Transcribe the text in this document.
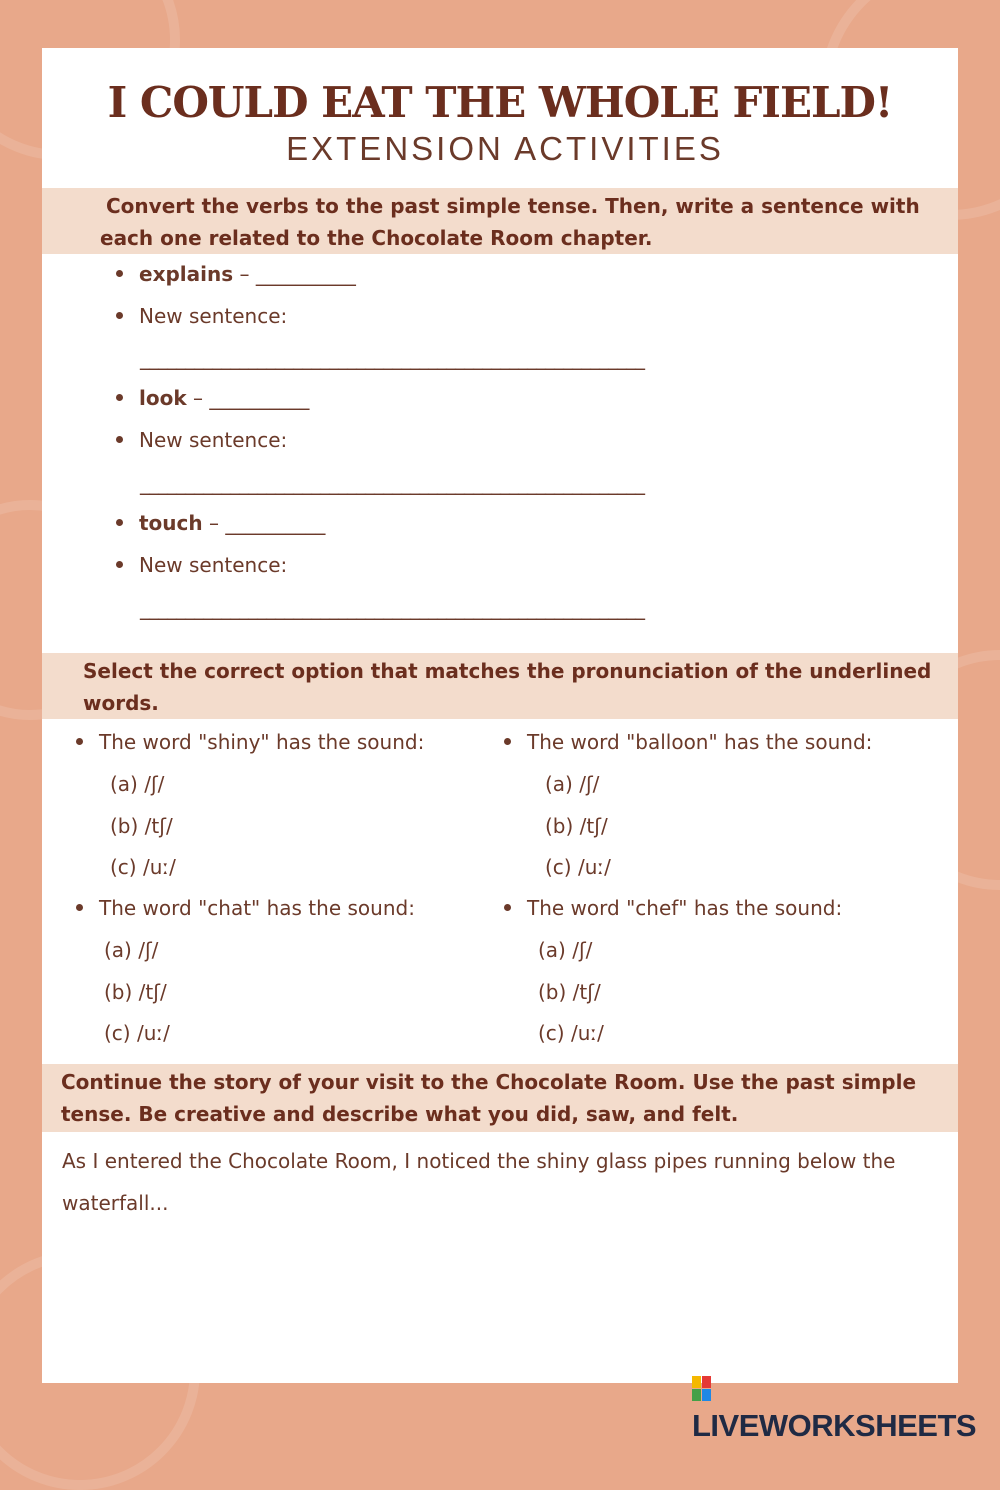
I COULD EAT THE WHOLE FIELD!
EXTENSION ACTIVITIES
Convert the verbs to the past simple tense. Then, write a sentence with
each one related to the Chocolate Room chapter.
explains – __________
New sentence:
________________________________________________________
look – __________
New sentence:
________________________________________________________
touch – __________
New sentence:
________________________________________________________
Select the correct option that matches the pronunciation of the underlined
words.
The word "shiny" has the sound:
(a) /ʃ/
(b) /tʃ/
(c) /uː/
The word "balloon" has the sound:
(a) /ʃ/
(b) /tʃ/
(c) /uː/
The word "chat" has the sound:
(a) /ʃ/
(b) /tʃ/
(c) /uː/
The word "chef" has the sound:
(a) /ʃ/
(b) /tʃ/
(c) /uː/
Continue the story of your visit to the Chocolate Room. Use the past simple
tense. Be creative and describe what you did, saw, and felt.
As I entered the Chocolate Room, I noticed the shiny glass pipes running below the waterfall...
LIVEWORKSHEETS
